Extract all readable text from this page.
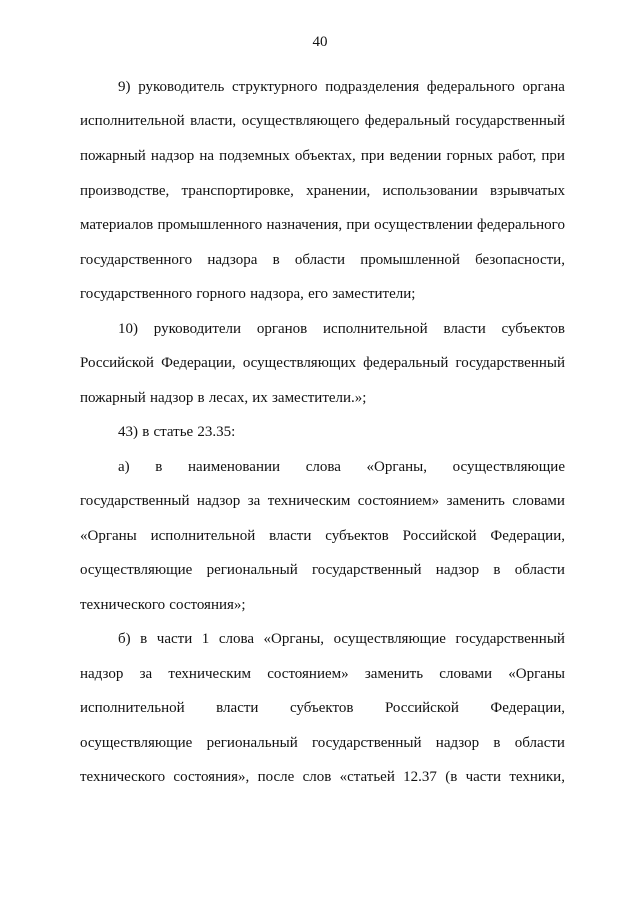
40
9) руководитель структурного подразделения федерального органа
исполнительной власти, осуществляющего федеральный государственный
пожарный надзор на подземных объектах, при ведении горных работ, при
производстве, транспортировке, хранении, использовании взрывчатых
материалов промышленного назначения, при осуществлении федерального
государственного надзора в области промышленной безопасности,
государственного горного надзора, его заместители;
10) руководители органов исполнительной власти субъектов
Российской Федерации, осуществляющих федеральный государственный
пожарный надзор в лесах, их заместители.»;
43) в статье 23.35:
а) в наименовании слова «Органы, осуществляющие
государственный надзор за техническим состоянием» заменить словами
«Органы исполнительной власти субъектов Российской Федерации,
осуществляющие региональный государственный надзор в области
технического состояния»;
б) в части 1 слова «Органы, осуществляющие государственный
надзор за техническим состоянием» заменить словами «Органы
исполнительной власти субъектов Российской Федерации,
осуществляющие региональный государственный надзор в области
технического состояния», после слов «статьей 12.37 (в части техники,
